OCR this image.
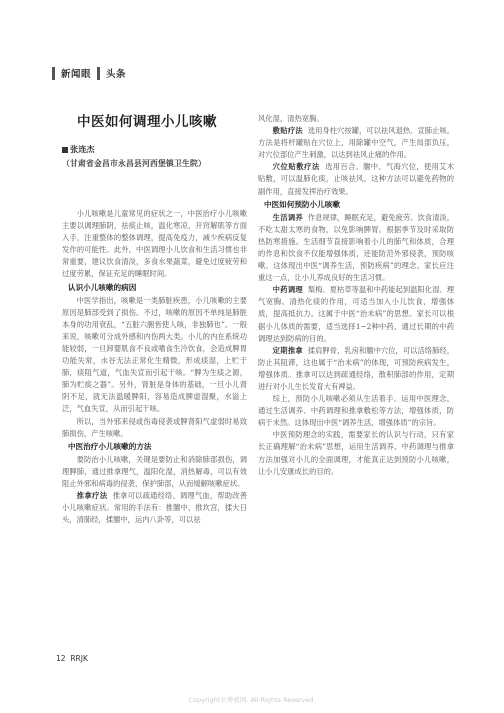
新闻眼 头条
中医如何调理小儿咳嗽
张连杰
（甘肃省金昌市永昌县河西堡镇卫生院）

小儿咳嗽是儿童常见的症状之一，中医治疗小儿咳嗽主要以调理肺阴，祛痰止咳，温化寒凉，开窍解肌等方面入手，注重整体的整体调理，提高免疫力，减少疾病反复发作的可能性。此外，中医调理小儿饮食和生活习惯也非常重要，建议饮食清淡，多食水果蔬菜，避免过度疲劳和过度劳累，保证充足的睡眠时间。

认识小儿咳嗽的病因

中医学指出，咳嗽是一类肺脏疾患，小儿咳嗽的主要原因是肺部受到了损伤。不过，咳嗽的原因不单纯是肺脏本身的功用衰乱，“五脏六腑皆使人咳，非独肺也”。一般来说，咳嗽可分成外感和内伤两大类。小儿的内在系统功能较弱，一旦卸婴肌食不良或嗜食生冷饮食，会造成脾胃功能失常，水谷无法正常化生精微，形成痰湿，上贮于肺，痰阻气道，气血失宣而引起干咳。“脾为生痰之源，肺为贮痰之器”。另外，肾脏是身体的基础，一旦小儿肾阴不足，就无法温暖脾阳，容易造成脾虚湿聚，水溢上泛，气血失宣，从而引起干咳。

所以，当外邪来侵或伤毒侵袭或脾肾阳气虚弱时易致肺损伤，产生咳嗽。

中医治疗小儿咳嗽的方法

要防治小儿咳嗽，关键是要防止和消除肺部损伤，调理脾肺，通过推拿理气，温阳化湿，消热解毒，可以有效阻止外邪和病毒的侵袭，保护肺部，从而缓解咳嗽症状。

推拿疗法 推拿可以疏通经络、调理气血，帮助改善小儿咳嗽症状。常用的手法有：推膻中、推坎宫，揉大日头，清肺经，揉膻中，运内八卦等，可以祛

风化湿，清热宽胸。

敷贴疗法 选用身柱穴按罐，可以祛风退热、宣肺止咳。方法是将杆罐贴在穴位上，用除罐中空气，产生局部负压，对穴位部位产生刺激，以达到祛风止痛的作用。

穴位贴敷疗法 选用百合、膻中、气海穴位，使用艾木贴敷，可以温肺化痰，止咳祛风。这种方法可以避免药物的副作用，直接发挥治疗效果。

中医如何预防小儿咳嗽

生活调养 作息规律，睡眠充足，避免疲劳。饮食清淡，不吃太甜太寒的食物，以免影响脾胃。根据季节及时采取防热防寒措施。生活细节直接影响着小儿的肺气和体质，合理的作息和饮食不仅能增强体质，还能防范外邪侵袭，预防咳嗽。这体现出中医“调养生活，预防疾病”的理念。家长应注重这一点，让小儿养成良好的生活习惯。

中药调理 梨梅、夏枯草等温和中药能起到温阳化湿、理气宽胸、清热化痰的作用，可适当加入小儿饮食，增强体质，提高抵抗力。这属于中医“治未病”的思想。家长可以根据小儿体质的需要，适当选择1~2种中药，通过长期的中药调理达到防病的目的。

定期推拿 揉肩胛骨，乳房和膻中穴位，可以活络肺经，防止其阻滞，这也属于“治未病”的体现，可预防疾病发生，增强体质。推拿可以达到疏通经络，散积肺部的作用，定期进行对小儿生长发育大有裨益。

综上，预防小儿咳嗽必须从生活着手。运用中医理念，通过生活调养、中药调理和推拿敷松等方法，增强体质，防病于未然。这体现出中医“调养生活，增强体质”的宗旨。

中医预防理念的实践，需要家长的认识与行动，只有家长正确理解“治未病”思想，运用生活调养、中药调理与推拿方法加强对小儿的全面调理，才能真正达到预防小儿咳嗽，让小儿安康成长的目的。

12 RRJK
Copyright©博看网. All Rights Reserved.
